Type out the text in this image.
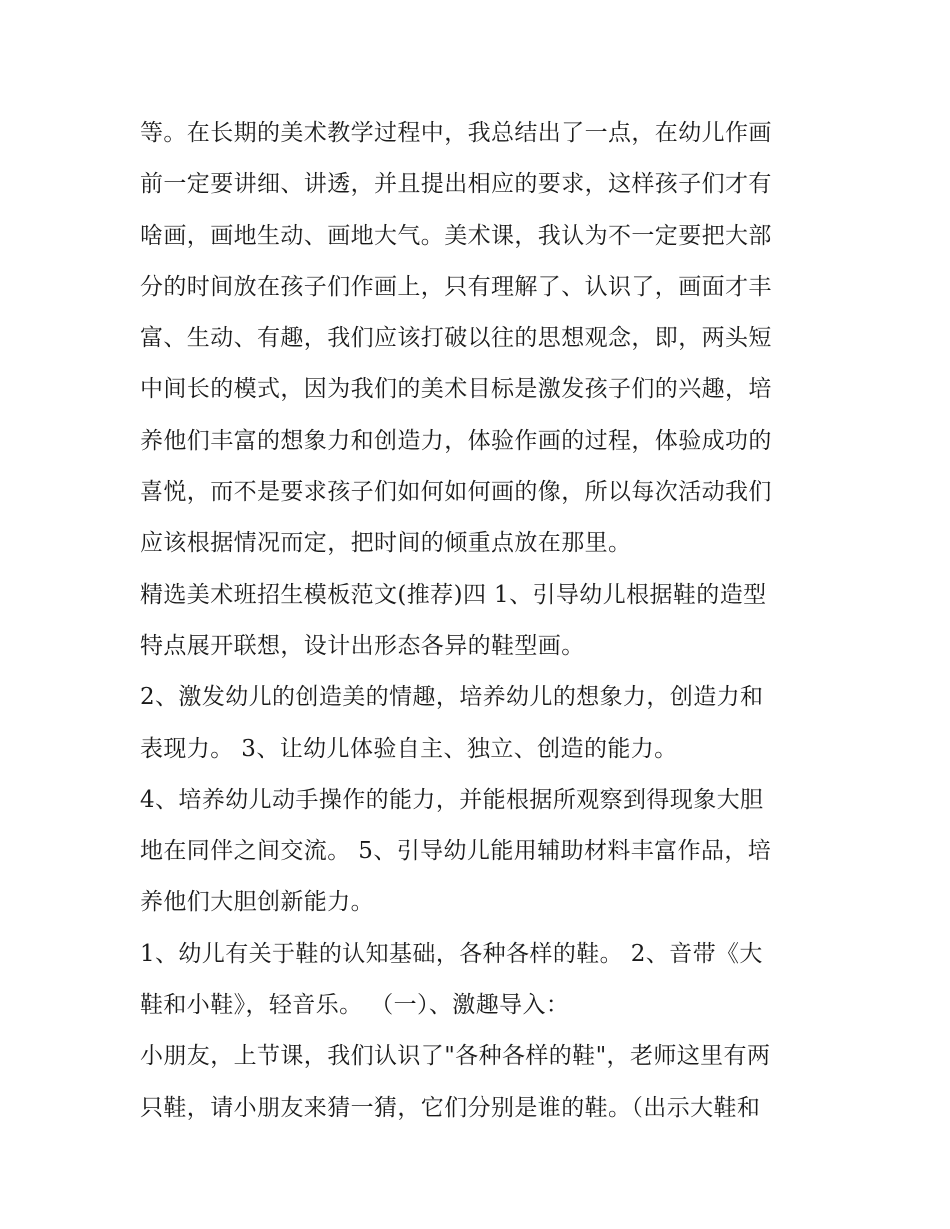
等。在长期的美术教学过程中，我总结出了一点，在幼儿作画

前一定要讲细、讲透，并且提出相应的要求，这样孩子们才有

啥画，画地生动、画地大气。美术课，我认为不一定要把大部

分的时间放在孩子们作画上，只有理解了、认识了，画面才丰

富、生动、有趣，我们应该打破以往的思想观念，即，两头短

中间长的模式，因为我们的美术目标是激发孩子们的兴趣，培

养他们丰富的想象力和创造力，体验作画的过程，体验成功的

喜悦，而不是要求孩子们如何如何画的像，所以每次活动我们

应该根据情况而定，把时间的倾重点放在那里。

精选美术班招生模板范文(推荐)四 1、引导幼儿根据鞋的造型

特点展开联想，设计出形态各异的鞋型画。

2、激发幼儿的创造美的情趣，培养幼儿的想象力，创造力和

表现力。 3、让幼儿体验自主、独立、创造的能力。

4、培养幼儿动手操作的能力，并能根据所观察到得现象大胆

地在同伴之间交流。 5、引导幼儿能用辅助材料丰富作品，培

养他们大胆创新能力。

1、幼儿有关于鞋的认知基础，各种各样的鞋。 2、音带《大

鞋和小鞋》，轻音乐。 （一）、激趣导入：

小朋友，上节课，我们认识了"各种各样的鞋"，老师这里有两

只鞋，请小朋友来猜一猜，它们分别是谁的鞋。（出示大鞋和
